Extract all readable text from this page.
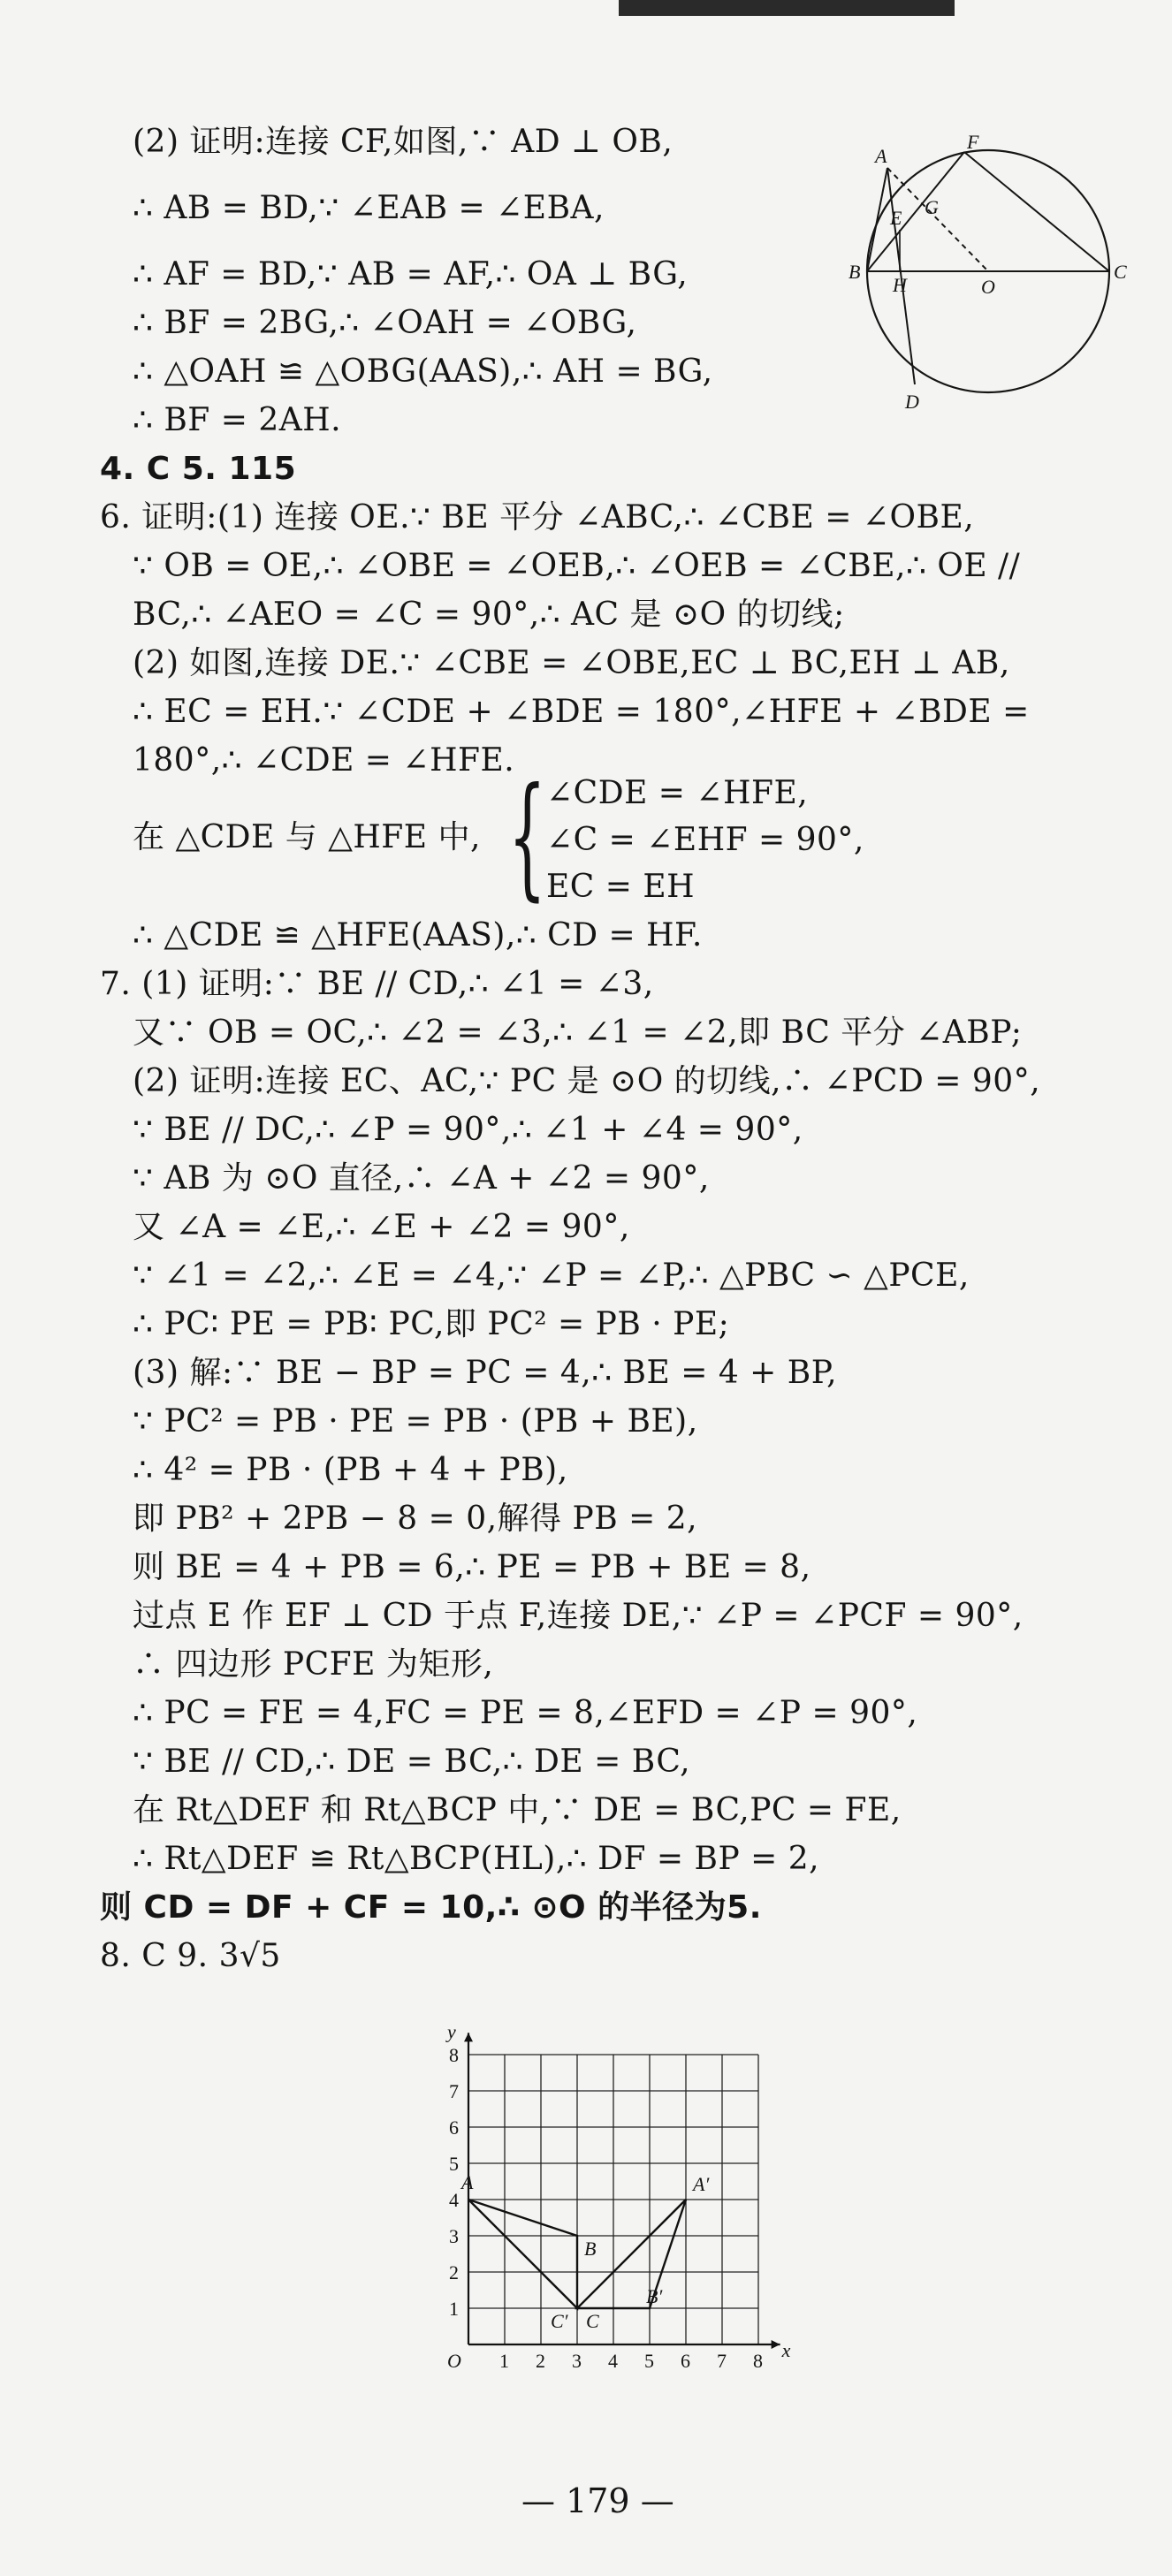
(2) 证明:连接 CF,如图,∵ AD ⊥ OB,
∴ AB = BD,∵ ∠EAB = ∠EBA,
∴ AF = BD,∵ AB = AF,∴ OA ⊥ BG,
∴ BF = 2BG,∴ ∠OAH = ∠OBG,
∴ △OAH ≌ △OBG(AAS),∴ AH = BG,
∴ BF = 2AH.
4. C 5. 115
6. 证明:(1) 连接 OE.∵ BE 平分 ∠ABC,∴ ∠CBE = ∠OBE,
∵ OB = OE,∴ ∠OBE = ∠OEB,∴ ∠OEB = ∠CBE,∴ OE //
BC,∴ ∠AEO = ∠C = 90°,∴ AC 是 ⊙O 的切线;
(2) 如图,连接 DE.∵ ∠CBE = ∠OBE,EC ⊥ BC,EH ⊥ AB,
∴ EC = EH.∵ ∠CDE + ∠BDE = 180°,∠HFE + ∠BDE =
180°,∴ ∠CDE = ∠HFE.
在 △CDE 与 △HFE 中, { ∠CDE = ∠HFE,
∠C = ∠EHF = 90°,
EC = EH
∴ △CDE ≌ △HFE(AAS),∴ CD = HF.
7. (1) 证明:∵ BE // CD,∴ ∠1 = ∠3,
又∵ OB = OC,∴ ∠2 = ∠3,∴ ∠1 = ∠2,即 BC 平分 ∠ABP;
(2) 证明:连接 EC、AC,∵ PC 是 ⊙O 的切线,∴ ∠PCD = 90°,
∵ BE // DC,∴ ∠P = 90°,∴ ∠1 + ∠4 = 90°,
∵ AB 为 ⊙O 直径,∴ ∠A + ∠2 = 90°,
又 ∠A = ∠E,∴ ∠E + ∠2 = 90°,
∵ ∠1 = ∠2,∴ ∠E = ∠4,∵ ∠P = ∠P,∴ △PBC ∽ △PCE,
∴ PC∶ PE = PB∶ PC,即 PC² = PB · PE;
(3) 解:∵ BE − BP = PC = 4,∴ BE = 4 + BP,
∵ PC² = PB · PE = PB · (PB + BE),
∴ 4² = PB · (PB + 4 + PB),
即 PB² + 2PB − 8 = 0,解得 PB = 2,
则 BE = 4 + PB = 6,∴ PE = PB + BE = 8,
过点 E 作 EF ⊥ CD 于点 F,连接 DE,∵ ∠P = ∠PCF = 90°,
∴ 四边形 PCFE 为矩形,
∴ PC = FE = 4,FC = PE = 8,∠EFD = ∠P = 90°,
∵ BE // CD,∴ DE = BC,∴ DE = BC,
在 Rt△DEF 和 Rt△BCP 中,∵ DE = BC,PC = FE,
∴ Rt△DEF ≌ Rt△BCP(HL),∴ DF = BP = 2,
则 CD = DF + CF = 10,∴ ⊙O 的半径为5.
8. C 9. 3√5
A
F
E G
B
H	O
C
D
1 2 3 4 5 6 7 8
1
2
3
4
5
6
7
8
x
y
O
A
B
C
A′
B′
C′
— 179 —
